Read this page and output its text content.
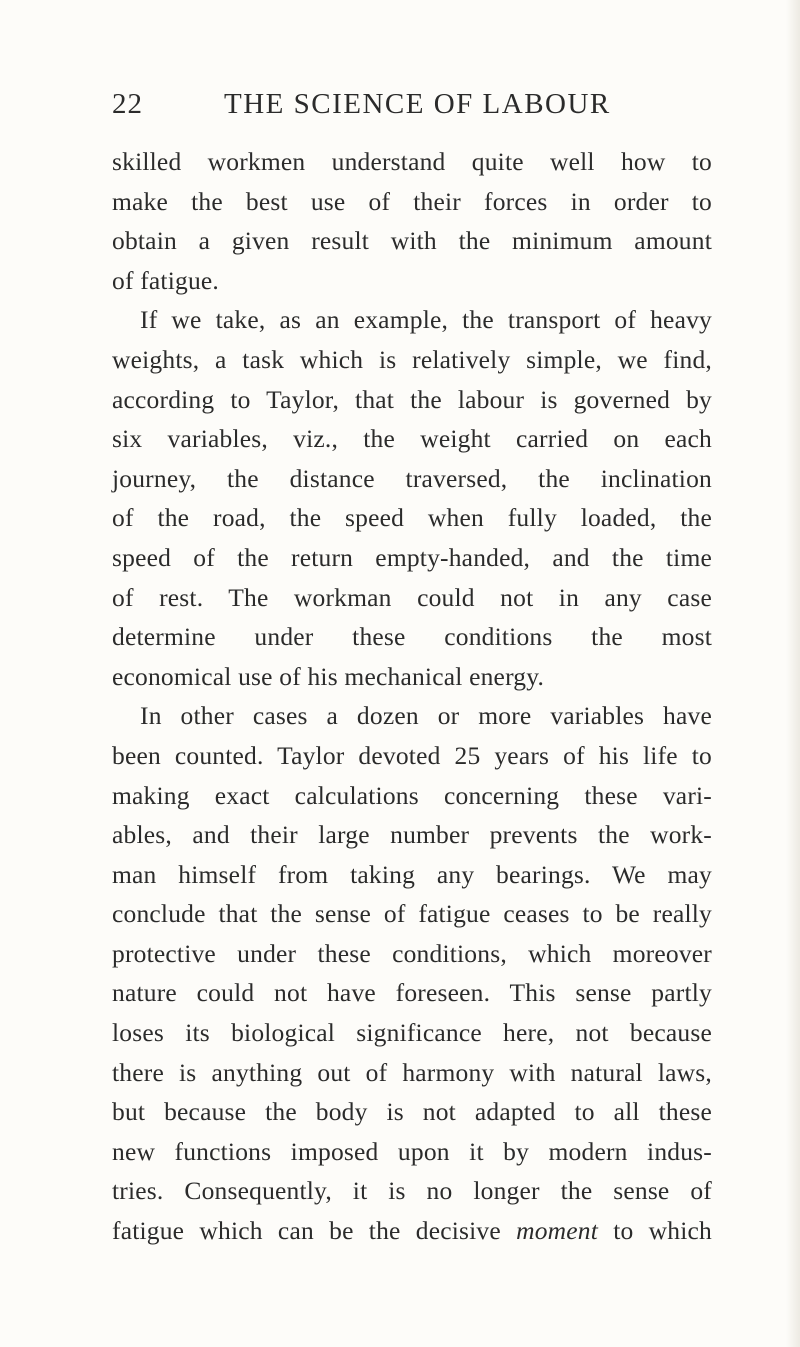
22	THE SCIENCE OF LABOUR
skilled workmen understand quite well how to
make the best use of their forces in order to
obtain a given result with the minimum amount
of fatigue.
If we take, as an example, the transport of heavy
weights, a task which is relatively simple, we find,
according to Taylor, that the labour is governed by
six variables, viz., the weight carried on each
journey, the distance traversed, the inclination
of the road, the speed when fully loaded, the
speed of the return empty-handed, and the time
of rest. The workman could not in any case
determine under these conditions the most
economical use of his mechanical energy.
In other cases a dozen or more variables have
been counted. Taylor devoted 25 years of his life to
making exact calculations concerning these vari-
ables, and their large number prevents the work-
man himself from taking any bearings. We may
conclude that the sense of fatigue ceases to be really
protective under these conditions, which moreover
nature could not have foreseen. This sense partly
loses its biological significance here, not because
there is anything out of harmony with natural laws,
but because the body is not adapted to all these
new functions imposed upon it by modern indus-
tries. Consequently, it is no longer the sense of
fatigue which can be the decisive moment to which
